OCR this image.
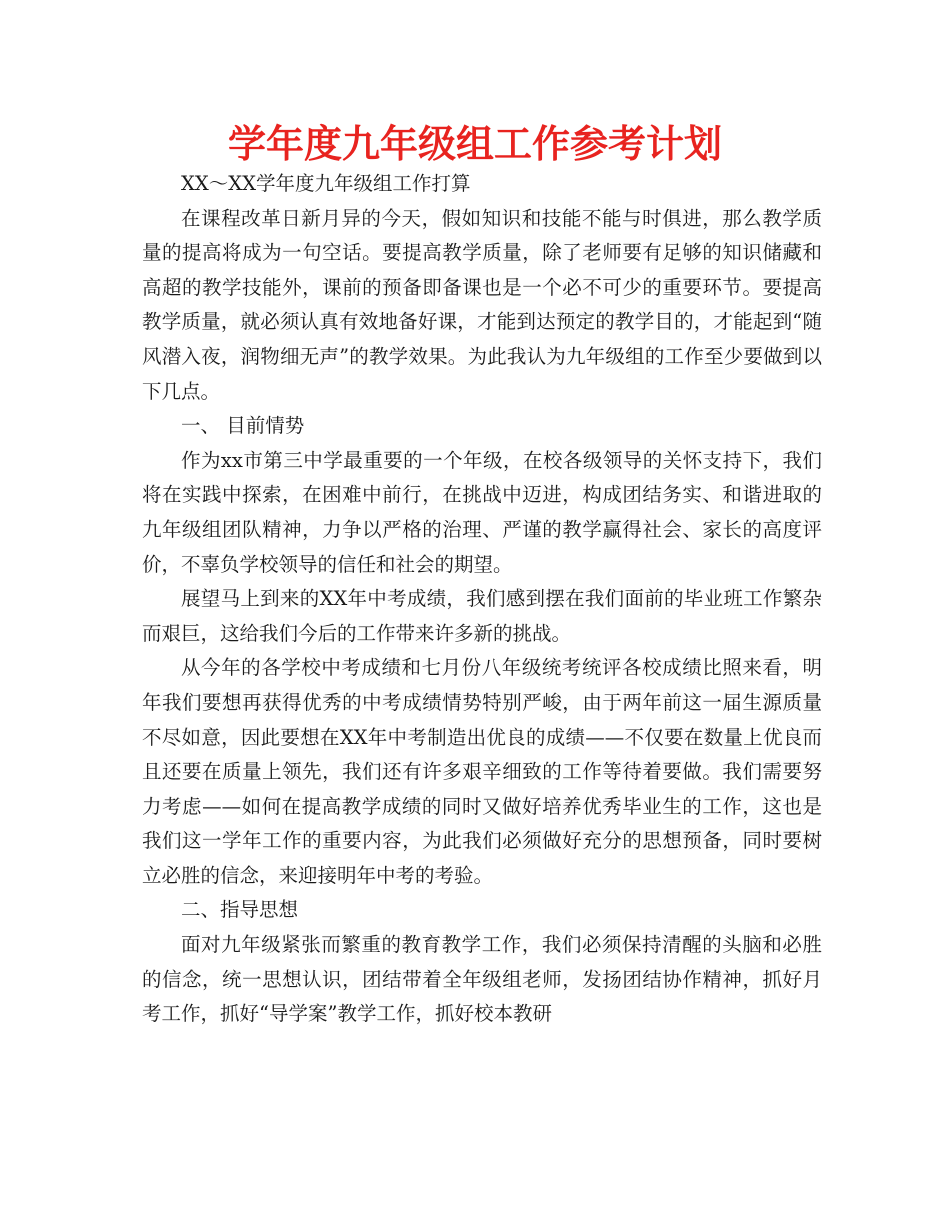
学年度九年级组工作参考计划

XX～XX学年度九年级组工作打算

在课程改革日新月异的今天，假如知识和技能不能与时俱进，那么教学质量的提高将成为一句空话。要提高教学质量，除了老师要有足够的知识储藏和高超的教学技能外，课前的预备即备课也是一个必不可少的重要环节。要提高教学质量，就必须认真有效地备好课，才能到达预定的教学目的，才能起到“随风潜入夜，润物细无声”的教学效果。为此我认为九年级组的工作至少要做到以下几点。

一、 目前情势

作为xx市第三中学最重要的一个年级，在校各级领导的关怀支持下，我们将在实践中探索，在困难中前行，在挑战中迈进，构成团结务实、和谐进取的九年级组团队精神，力争以严格的治理、严谨的教学赢得社会、家长的高度评价，不辜负学校领导的信任和社会的期望。

展望马上到来的XX年中考成绩，我们感到摆在我们面前的毕业班工作繁杂而艰巨，这给我们今后的工作带来许多新的挑战。

从今年的各学校中考成绩和七月份八年级统考统评各校成绩比照来看，明年我们要想再获得优秀的中考成绩情势特别严峻，由于两年前这一届生源质量不尽如意，因此要想在XX年中考制造出优良的成绩——不仅要在数量上优良而且还要在质量上领先，我们还有许多艰辛细致的工作等待着要做。我们需要努力考虑——如何在提高教学成绩的同时又做好培养优秀毕业生的工作，这也是我们这一学年工作的重要内容，为此我们必须做好充分的思想预备，同时要树立必胜的信念，来迎接明年中考的考验。

二、指导思想

面对九年级紧张而繁重的教育教学工作，我们必须保持清醒的头脑和必胜的信念，统一思想认识，团结带着全年级组老师，发扬团结协作精神，抓好月考工作，抓好“导学案”教学工作，抓好校本教研
